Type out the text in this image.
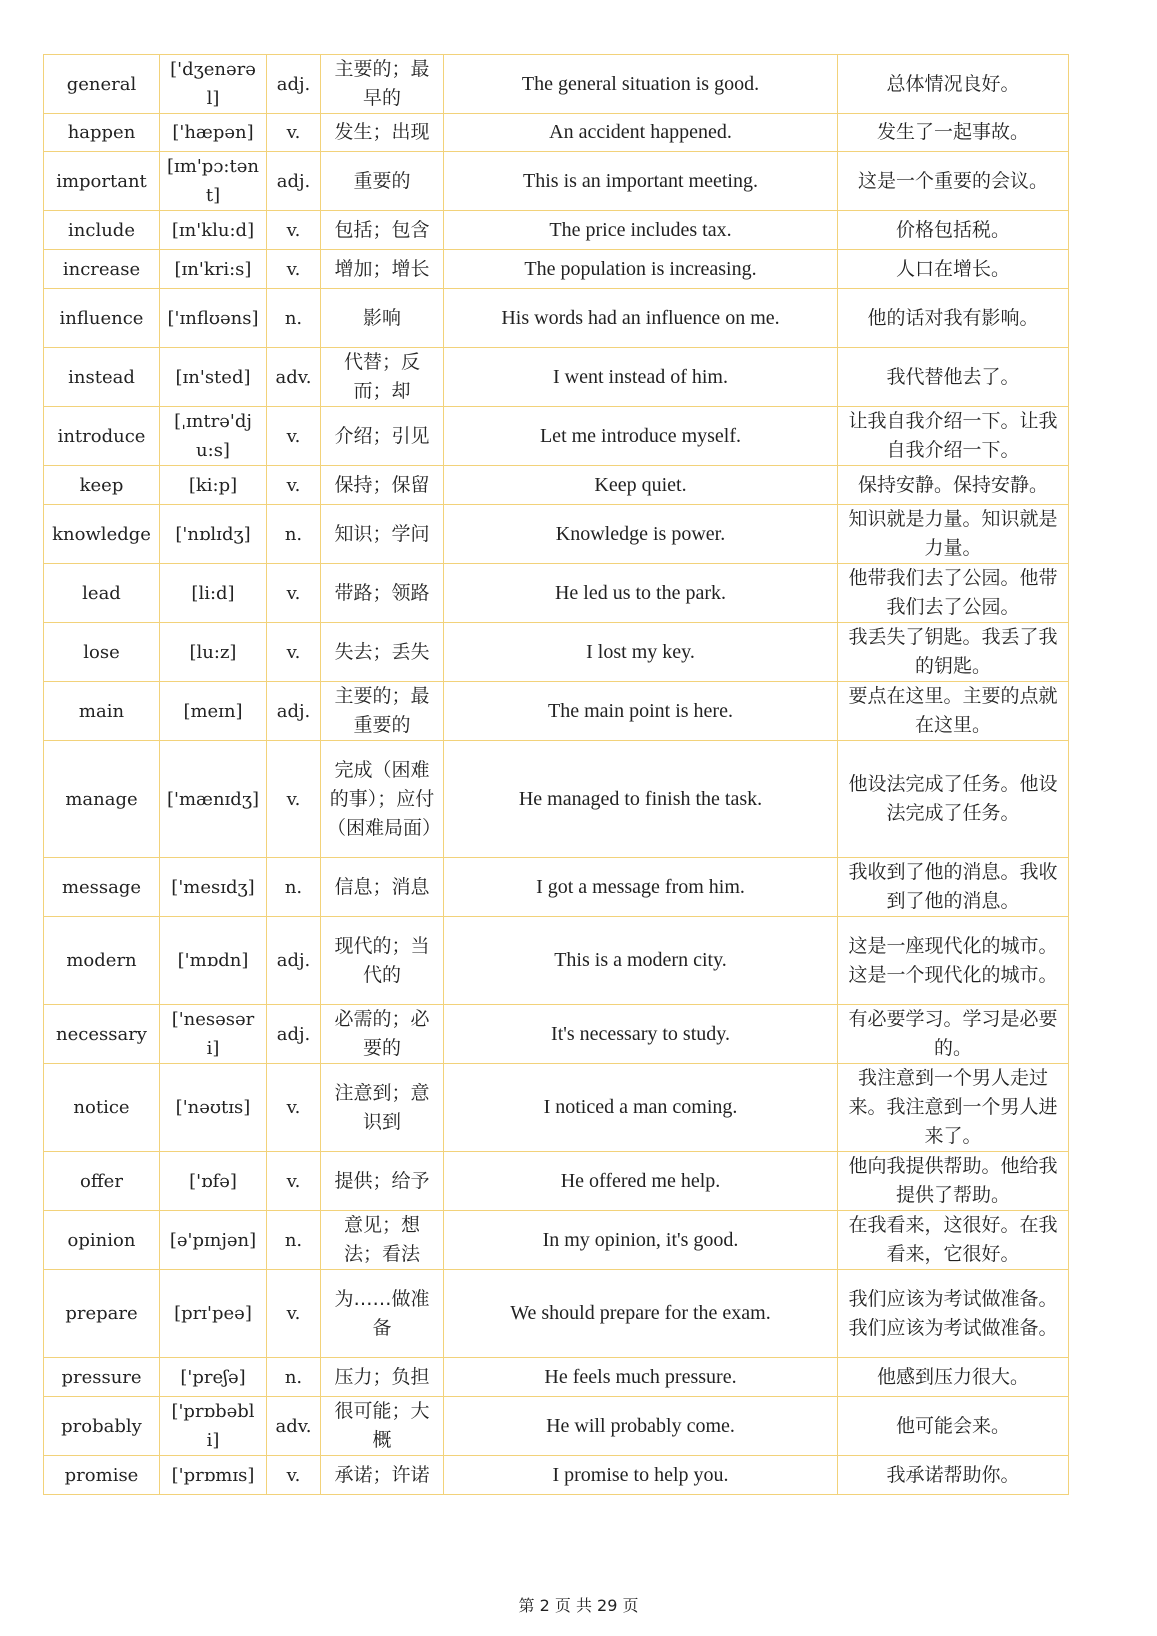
general	['dʒenərəl]	adj.	主要的；最早的	The general situation is good.	总体情况良好。
happen	['hæpən]	v.	发生；出现	An accident happened.	发生了一起事故。
important	[ɪm'pɔ:tənt]	adj.	重要的	This is an important meeting.	这是一个重要的会议。
include	[ɪn'klu:d]	v.	包括；包含	The price includes tax.	价格包括税。
increase	[ɪn'kri:s]	v.	增加；增长	The population is increasing.	人口在增长。
influence	['ɪnflʊəns]	n.	影响	His words had an influence on me.	他的话对我有影响。
instead	[ɪn'sted]	adv.	代替；反而；却	I went instead of him.	我代替他去了。
introduce	[ˌɪntrə'dju:s]	v.	介绍；引见	Let me introduce myself.	让我自我介绍一下。让我自我介绍一下。
keep	[ki:p]	v.	保持；保留	Keep quiet.	保持安静。保持安静。
knowledge	['nɒlɪdʒ]	n.	知识；学问	Knowledge is power.	知识就是力量。知识就是力量。
lead	[li:d]	v.	带路；领路	He led us to the park.	他带我们去了公园。他带我们去了公园。
lose	[lu:z]	v.	失去；丢失	I lost my key.	我丢失了钥匙。我丢了我的钥匙。
main	[meɪn]	adj.	主要的；最重要的	The main point is here.	要点在这里。主要的点就在这里。
manage	['mænɪdʒ]	v.	完成（困难的事）；应付（困难局面）	He managed to finish the task.	他设法完成了任务。他设法完成了任务。
message	['mesɪdʒ]	n.	信息；消息	I got a message from him.	我收到了他的消息。我收到了他的消息。
modern	['mɒdn]	adj.	现代的；当代的	This is a modern city.	这是一座现代化的城市。这是一个现代化的城市。
necessary	['nesəsəri]	adj.	必需的；必要的	It's necessary to study.	有必要学习。学习是必要的。
notice	['nəʊtɪs]	v.	注意到；意识到	I noticed a man coming.	我注意到一个男人走过来。我注意到一个男人进来了。
offer	['ɒfə]	v.	提供；给予	He offered me help.	他向我提供帮助。他给我提供了帮助。
opinion	[ə'pɪnjən]	n.	意见；想法；看法	In my opinion, it's good.	在我看来，这很好。在我看来，它很好。
prepare	[prɪ'peə]	v.	为……做准备	We should prepare for the exam.	我们应该为考试做准备。我们应该为考试做准备。
pressure	['preʃə]	n.	压力；负担	He feels much pressure.	他感到压力很大。
probably	['prɒbəbli]	adv.	很可能；大概	He will probably come.	他可能会来。
promise	['prɒmɪs]	v.	承诺；许诺	I promise to help you.	我承诺帮助你。
第 2 页 共 29 页
